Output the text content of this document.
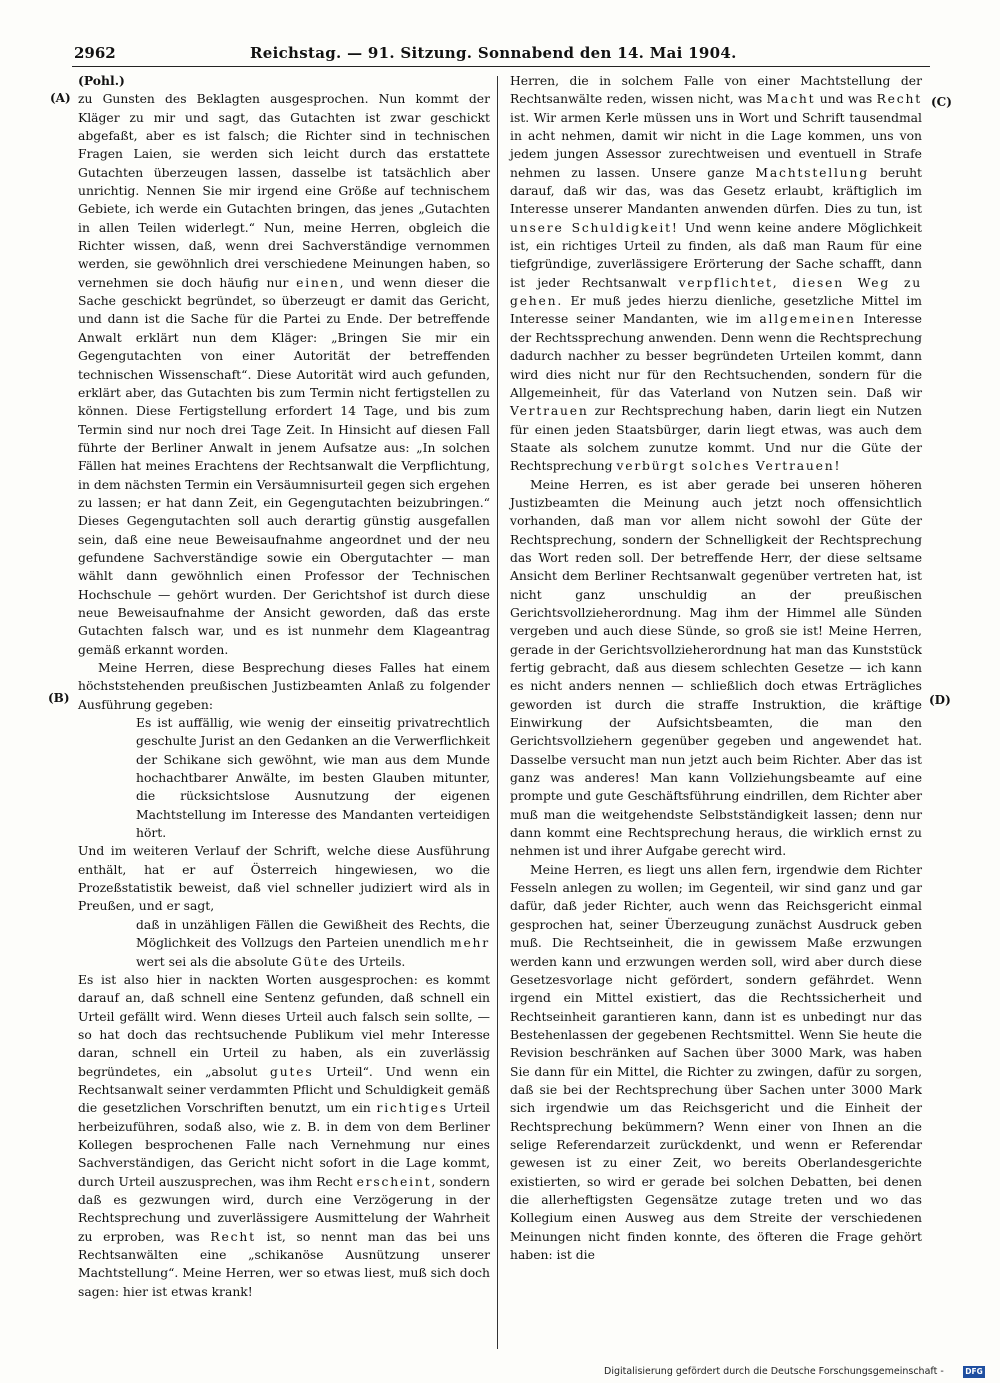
2962	Reichstag. — 91. Sitzung. Sonnabend den 14. Mai 1904.
(A)
(B)
(C)
(D)

(Pohl.)

zu Gunsten des Beklagten ausgesprochen. Nun kommt der Kläger zu mir und sagt, das Gutachten ist zwar geschickt abgefaßt, aber es ist falsch; die Richter sind in technischen Fragen Laien, sie werden sich leicht durch das erstattete Gutachten überzeugen lassen, dasselbe ist tatsächlich aber unrichtig. Nennen Sie mir irgend eine Größe auf technischem Gebiete, ich werde ein Gutachten bringen, das jenes „Gutachten in allen Teilen widerlegt.“ Nun, meine Herren, obgleich die Richter wissen, daß, wenn drei Sachverständige vernommen werden, sie gewöhnlich drei verschiedene Meinungen haben, so vernehmen sie doch häufig nur einen, und wenn dieser die Sache geschickt begründet, so überzeugt er damit das Gericht, und dann ist die Sache für die Partei zu Ende. Der betreffende Anwalt erklärt nun dem Kläger: „Bringen Sie mir ein Gegengutachten von einer Autorität der betreffenden technischen Wissenschaft“. Diese Autorität wird auch gefunden, erklärt aber, das Gutachten bis zum Termin nicht fertigstellen zu können. Diese Fertigstellung erfordert 14 Tage, und bis zum Termin sind nur noch drei Tage Zeit. In Hinsicht auf diesen Fall führte der Berliner Anwalt in jenem Aufsatze aus: „In solchen Fällen hat meines Erachtens der Rechtsanwalt die Verpflichtung, in dem nächsten Termin ein Versäumnisurteil gegen sich ergehen zu lassen; er hat dann Zeit, ein Gegengutachten beizubringen.“ Dieses Gegengutachten soll auch derartig günstig ausgefallen sein, daß eine neue Beweisaufnahme angeordnet und der neu gefundene Sachverständige sowie ein Obergutachter — man wählt dann gewöhnlich einen Professor der Technischen Hochschule — gehört wurden. Der Gerichtshof ist durch diese neue Beweisaufnahme der Ansicht geworden, daß das erste Gutachten falsch war, und es ist nunmehr dem Klageantrag gemäß erkannt worden.

Meine Herren, diese Besprechung dieses Falles hat einem höchststehenden preußischen Justizbeamten Anlaß zu folgender Ausführung gegeben:

Es ist auffällig, wie wenig der einseitig privatrechtlich geschulte Jurist an den Gedanken an die Verwerflichkeit der Schikane sich gewöhnt, wie man aus dem Munde hochachtbarer Anwälte, im besten Glauben mitunter, die rücksichtslose Ausnutzung der eigenen Machtstellung im Interesse des Mandanten verteidigen hört.

Und im weiteren Verlauf der Schrift, welche diese Ausführung enthält, hat er auf Österreich hingewiesen, wo die Prozeßstatistik beweist, daß viel schneller judiziert wird als in Preußen, und er sagt,

daß in unzähligen Fällen die Gewißheit des Rechts, die Möglichkeit des Vollzugs den Parteien unendlich mehr wert sei als die absolute Güte des Urteils.

Es ist also hier in nackten Worten ausgesprochen: es kommt darauf an, daß schnell eine Sentenz gefunden, daß schnell ein Urteil gefällt wird. Wenn dieses Urteil auch falsch sein sollte, — so hat doch das rechtsuchende Publikum viel mehr Interesse daran, schnell ein Urteil zu haben, als ein zuverlässig begründetes, ein „absolut gutes Urteil“. Und wenn ein Rechtsanwalt seiner verdammten Pflicht und Schuldigkeit gemäß die gesetzlichen Vorschriften benutzt, um ein richtiges Urteil herbeizuführen, sodaß also, wie z. B. in dem von dem Berliner Kollegen besprochenen Falle nach Vernehmung nur eines Sachverständigen, das Gericht nicht sofort in die Lage kommt, durch Urteil auszusprechen, was ihm Recht erscheint, sondern daß es gezwungen wird, durch eine Verzögerung in der Rechtsprechung und zuverlässigere Ausmittelung der Wahrheit zu erproben, was Recht ist, so nennt man das bei uns Rechtsanwälten eine „schikanöse Ausnützung unserer Machtstellung“. Meine Herren, wer so etwas liest, muß sich doch sagen: hier ist etwas krank!

Herren, die in solchem Falle von einer Machtstellung der Rechtsanwälte reden, wissen nicht, was Macht und was Recht ist. Wir armen Kerle müssen uns in Wort und Schrift tausendmal in acht nehmen, damit wir nicht in die Lage kommen, uns von jedem jungen Assessor zurechtweisen und eventuell in Strafe nehmen zu lassen. Unsere ganze Machtstellung beruht darauf, daß wir das, was das Gesetz erlaubt, kräftiglich im Interesse unserer Mandanten anwenden dürfen. Dies zu tun, ist unsere Schuldigkeit! Und wenn keine andere Möglichkeit ist, ein richtiges Urteil zu finden, als daß man Raum für eine tiefgründige, zuverlässigere Erörterung der Sache schafft, dann ist jeder Rechtsanwalt verpflichtet, diesen Weg zu gehen. Er muß jedes hierzu dienliche, gesetzliche Mittel im Interesse seiner Mandanten, wie im allgemeinen Interesse der Rechtssprechung anwenden. Denn wenn die Rechtsprechung dadurch nachher zu besser begründeten Urteilen kommt, dann wird dies nicht nur für den Rechtsuchenden, sondern für die Allgemeinheit, für das Vaterland von Nutzen sein. Daß wir Vertrauen zur Rechtsprechung haben, darin liegt ein Nutzen für einen jeden Staatsbürger, darin liegt etwas, was auch dem Staate als solchem zunutze kommt. Und nur die Güte der Rechtsprechung verbürgt solches Vertrauen!

Meine Herren, es ist aber gerade bei unseren höheren Justizbeamten die Meinung auch jetzt noch offensichtlich vorhanden, daß man vor allem nicht sowohl der Güte der Rechtsprechung, sondern der Schnelligkeit der Rechtsprechung das Wort reden soll. Der betreffende Herr, der diese seltsame Ansicht dem Berliner Rechtsanwalt gegenüber vertreten hat, ist nicht ganz unschuldig an der preußischen Gerichtsvollzieherordnung. Mag ihm der Himmel alle Sünden vergeben und auch diese Sünde, so groß sie ist! Meine Herren, gerade in der Gerichtsvollzieherordnung hat man das Kunststück fertig gebracht, daß aus diesem schlechten Gesetze — ich kann es nicht anders nennen — schließlich doch etwas Erträgliches geworden ist durch die straffe Instruktion, die kräftige Einwirkung der Aufsichtsbeamten, die man den Gerichtsvollziehern gegenüber gegeben und angewendet hat. Dasselbe versucht man nun jetzt auch beim Richter. Aber das ist ganz was anderes! Man kann Vollziehungsbeamte auf eine prompte und gute Geschäftsführung eindrillen, dem Richter aber muß man die weitgehendste Selbstständigkeit lassen; denn nur dann kommt eine Rechtsprechung heraus, die wirklich ernst zu nehmen ist und ihrer Aufgabe gerecht wird.

Meine Herren, es liegt uns allen fern, irgendwie dem Richter Fesseln anlegen zu wollen; im Gegenteil, wir sind ganz und gar dafür, daß jeder Richter, auch wenn das Reichsgericht einmal gesprochen hat, seiner Überzeugung zunächst Ausdruck geben muß. Die Rechtseinheit, die in gewissem Maße erzwungen werden kann und erzwungen werden soll, wird aber durch diese Gesetzesvorlage nicht gefördert, sondern gefährdet. Wenn irgend ein Mittel existiert, das die Rechtssicherheit und Rechtseinheit garantieren kann, dann ist es unbedingt nur das Bestehenlassen der gegebenen Rechtsmittel. Wenn Sie heute die Revision beschränken auf Sachen über 3000 Mark, was haben Sie dann für ein Mittel, die Richter zu zwingen, dafür zu sorgen, daß sie bei der Rechtsprechung über Sachen unter 3000 Mark sich irgendwie um das Reichsgericht und die Einheit der Rechtsprechung bekümmern? Wenn einer von Ihnen an die selige Referendarzeit zurückdenkt, und wenn er Referendar gewesen ist zu einer Zeit, wo bereits Oberlandesgerichte existierten, so wird er gerade bei solchen Debatten, bei denen die allerheftigsten Gegensätze zutage treten und wo das Kollegium einen Ausweg aus dem Streite der verschiedenen Meinungen nicht finden konnte, des öfteren die Frage gehört haben: ist die

Digitalisierung gefördert durch die Deutsche Forschungsgemeinschaft -	DFG
